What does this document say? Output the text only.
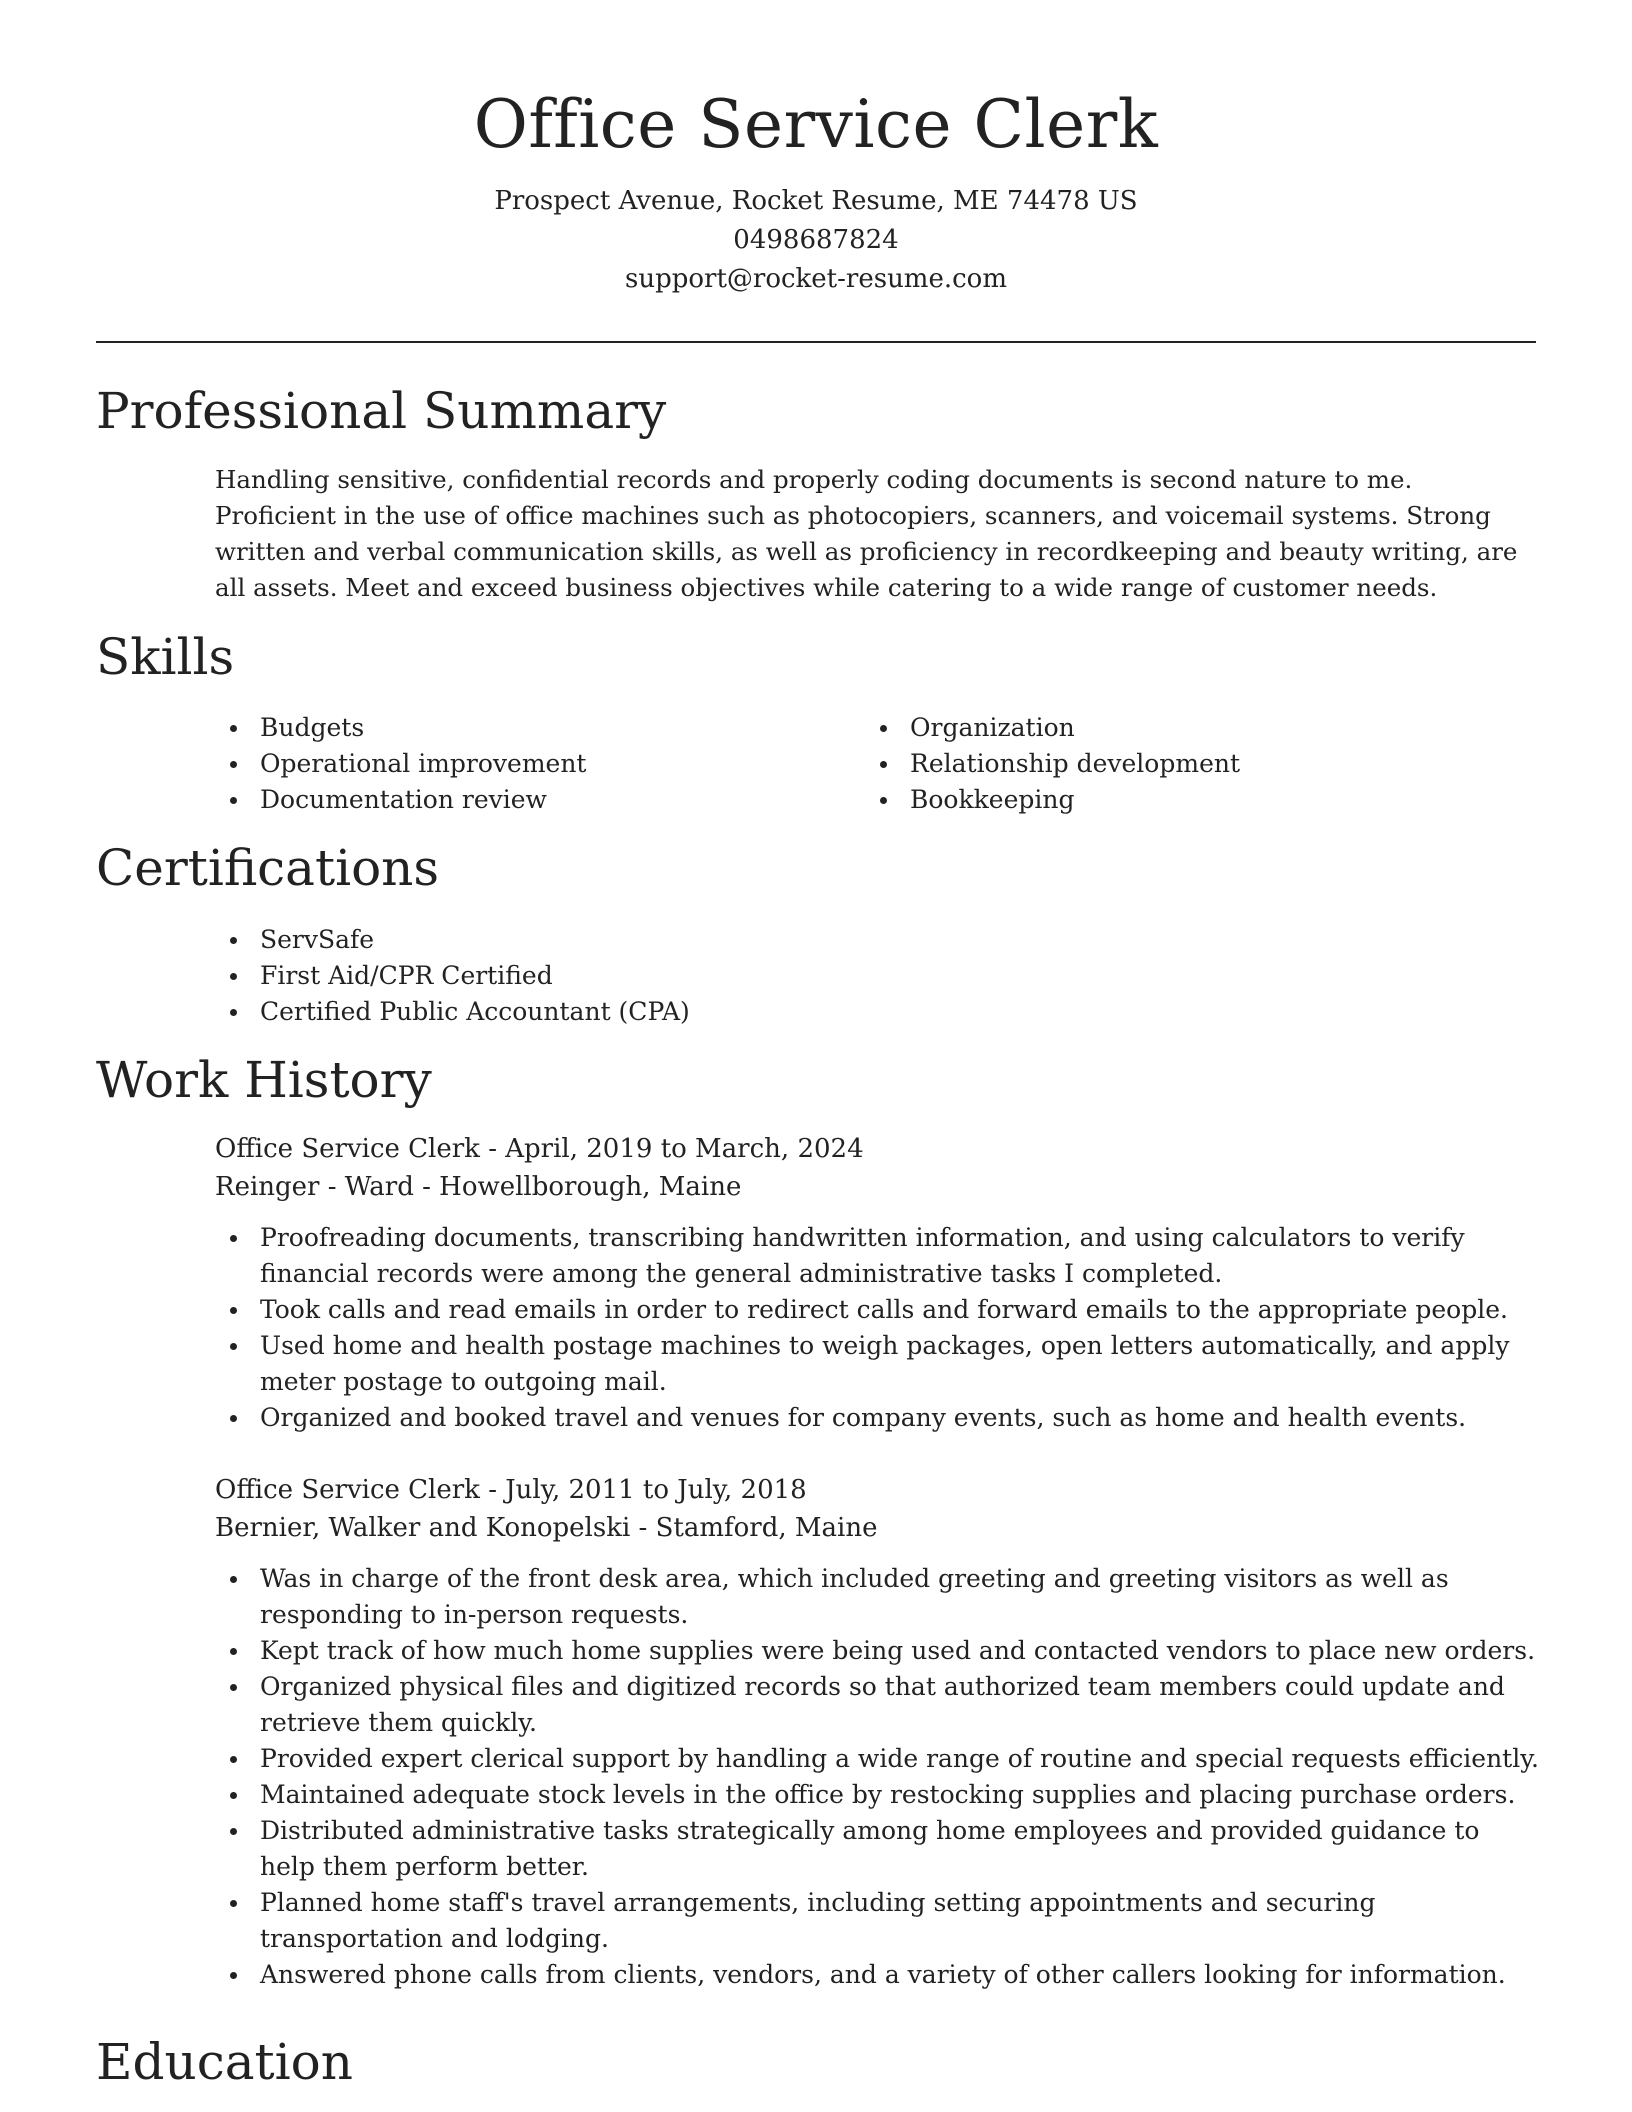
Office Service Clerk

Prospect Avenue, Rocket Resume, ME 74478 US

0498687824

support@rocket-resume.com

Professional Summary

Handling sensitive, confidential records and properly coding documents is second nature to me. Proficient in the use of office machines such as photocopiers, scanners, and voicemail systems. Strong written and verbal communication skills, as well as proficiency in recordkeeping and beauty writing, are all assets. Meet and exceed business objectives while catering to a wide range of customer needs.

Skills
Budgets
Operational improvement
Documentation review
Organization
Relationship development
Bookkeeping
Certifications
ServSafe
First Aid/CPR Certified
Certified Public Accountant (CPA)
Work History

Office Service Clerk - April, 2019 to March, 2024

Reinger - Ward - Howellborough, Maine

Proofreading documents, transcribing handwritten information, and using calculators to verify financial records were among the general administrative tasks I completed.
Took calls and read emails in order to redirect calls and forward emails to the appropriate people.
Used home and health postage machines to weigh packages, open letters automatically, and apply meter postage to outgoing mail.
Organized and booked travel and venues for company events, such as home and health events.

Office Service Clerk - July, 2011 to July, 2018

Bernier, Walker and Konopelski - Stamford, Maine

Was in charge of the front desk area, which included greeting and greeting visitors as well as responding to in-person requests.
Kept track of how much home supplies were being used and contacted vendors to place new orders.
Organized physical files and digitized records so that authorized team members could update and retrieve them quickly.
Provided expert clerical support by handling a wide range of routine and special requests efficiently.
Maintained adequate stock levels in the office by restocking supplies and placing purchase orders.
Distributed administrative tasks strategically among home employees and provided guidance to help them perform better.
Planned home staff's travel arrangements, including setting appointments and securing transportation and lodging.
Answered phone calls from clients, vendors, and a variety of other callers looking for information.
Education
